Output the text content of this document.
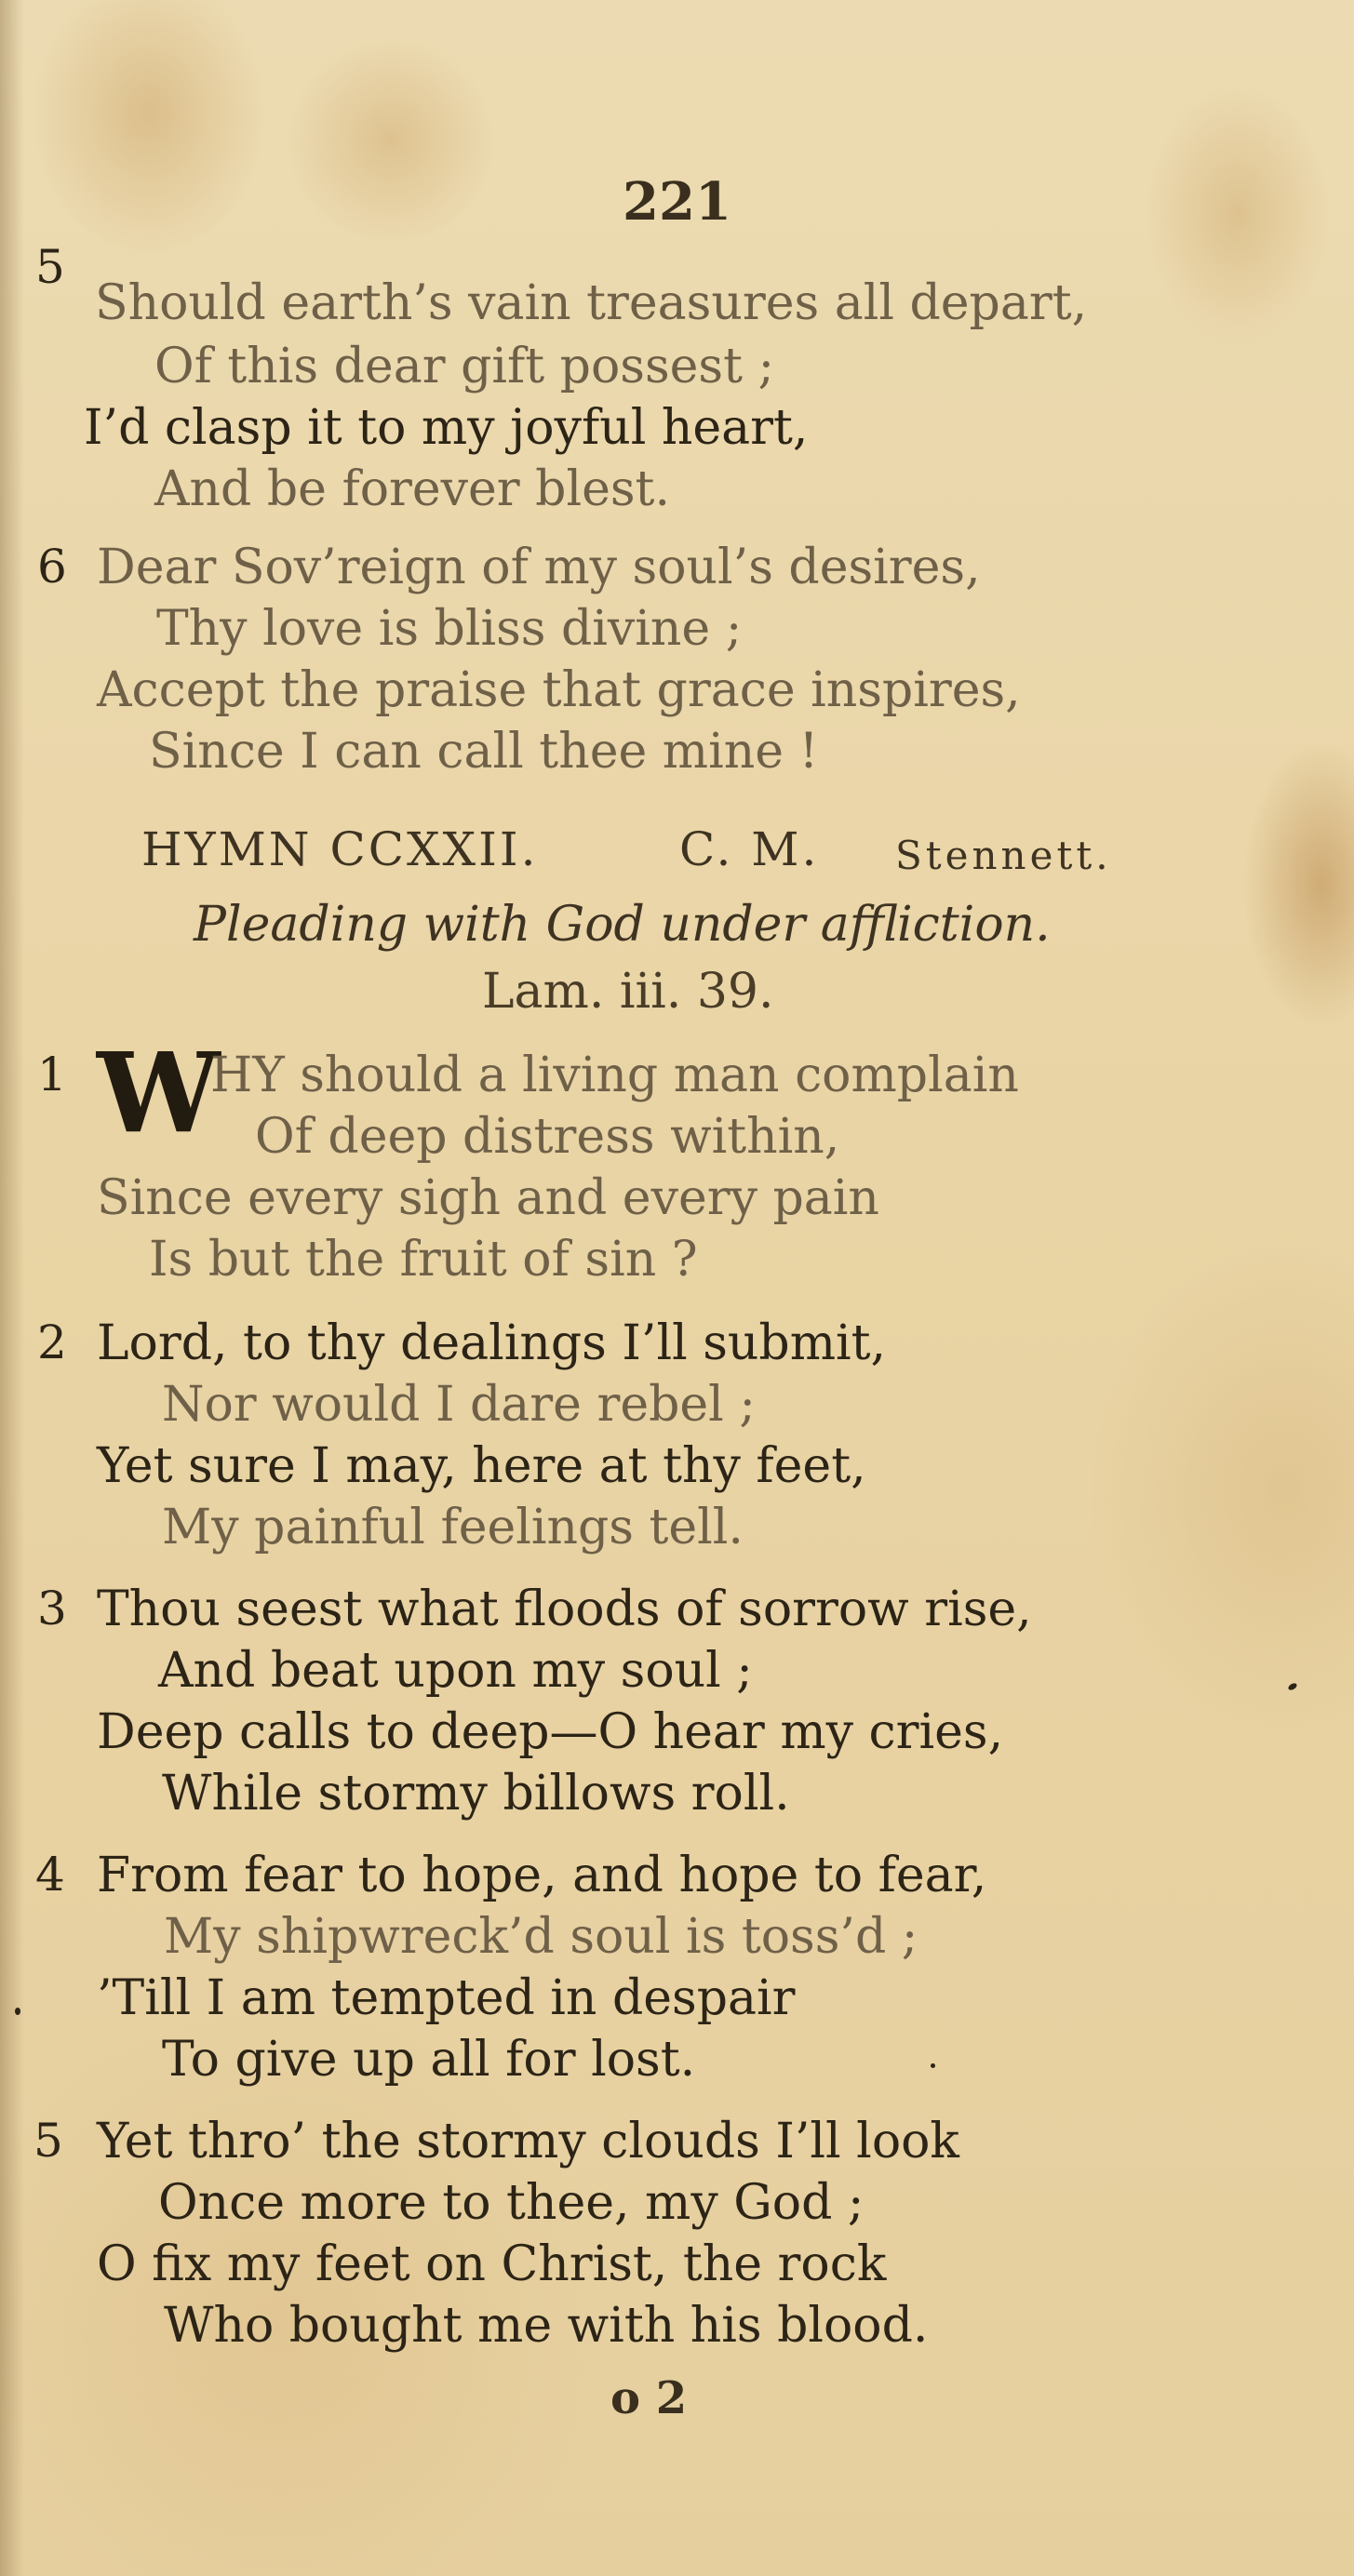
221
5
Should earth’s vain treasures all depart,
Of this dear gift possest ;
I’d clasp it to my joyful heart,
And be forever blest.
6 Dear Sov’reign of my soul’s desires,
Thy love is bliss divine ;
Accept the praise that grace inspires,
Since I can call thee mine !
HYMN CCXXII.	C. M. Stennett.
Pleading with God under affliction.
Lam. iii. 39.
1 W
HY should a living man complain
Of deep distress within,
Since every sigh and every pain
Is but the fruit of sin ?
2 Lord, to thy dealings I’ll submit,
Nor would I dare rebel ;
Yet sure I may, here at thy feet,
My painful feelings tell.
3 Thou seest what floods of sorrow rise,
And beat upon my soul ;
Deep calls to deep—O hear my cries,
While stormy billows roll.
4 From fear to hope, and hope to fear,
My shipwreck’d soul is toss’d ;
’Till I am tempted in despair
To give up all for lost.
5 Yet thro’ the stormy clouds I’ll look
Once more to thee, my God ;
O fix my feet on Christ, the rock
Who bought me with his blood.
o 2
